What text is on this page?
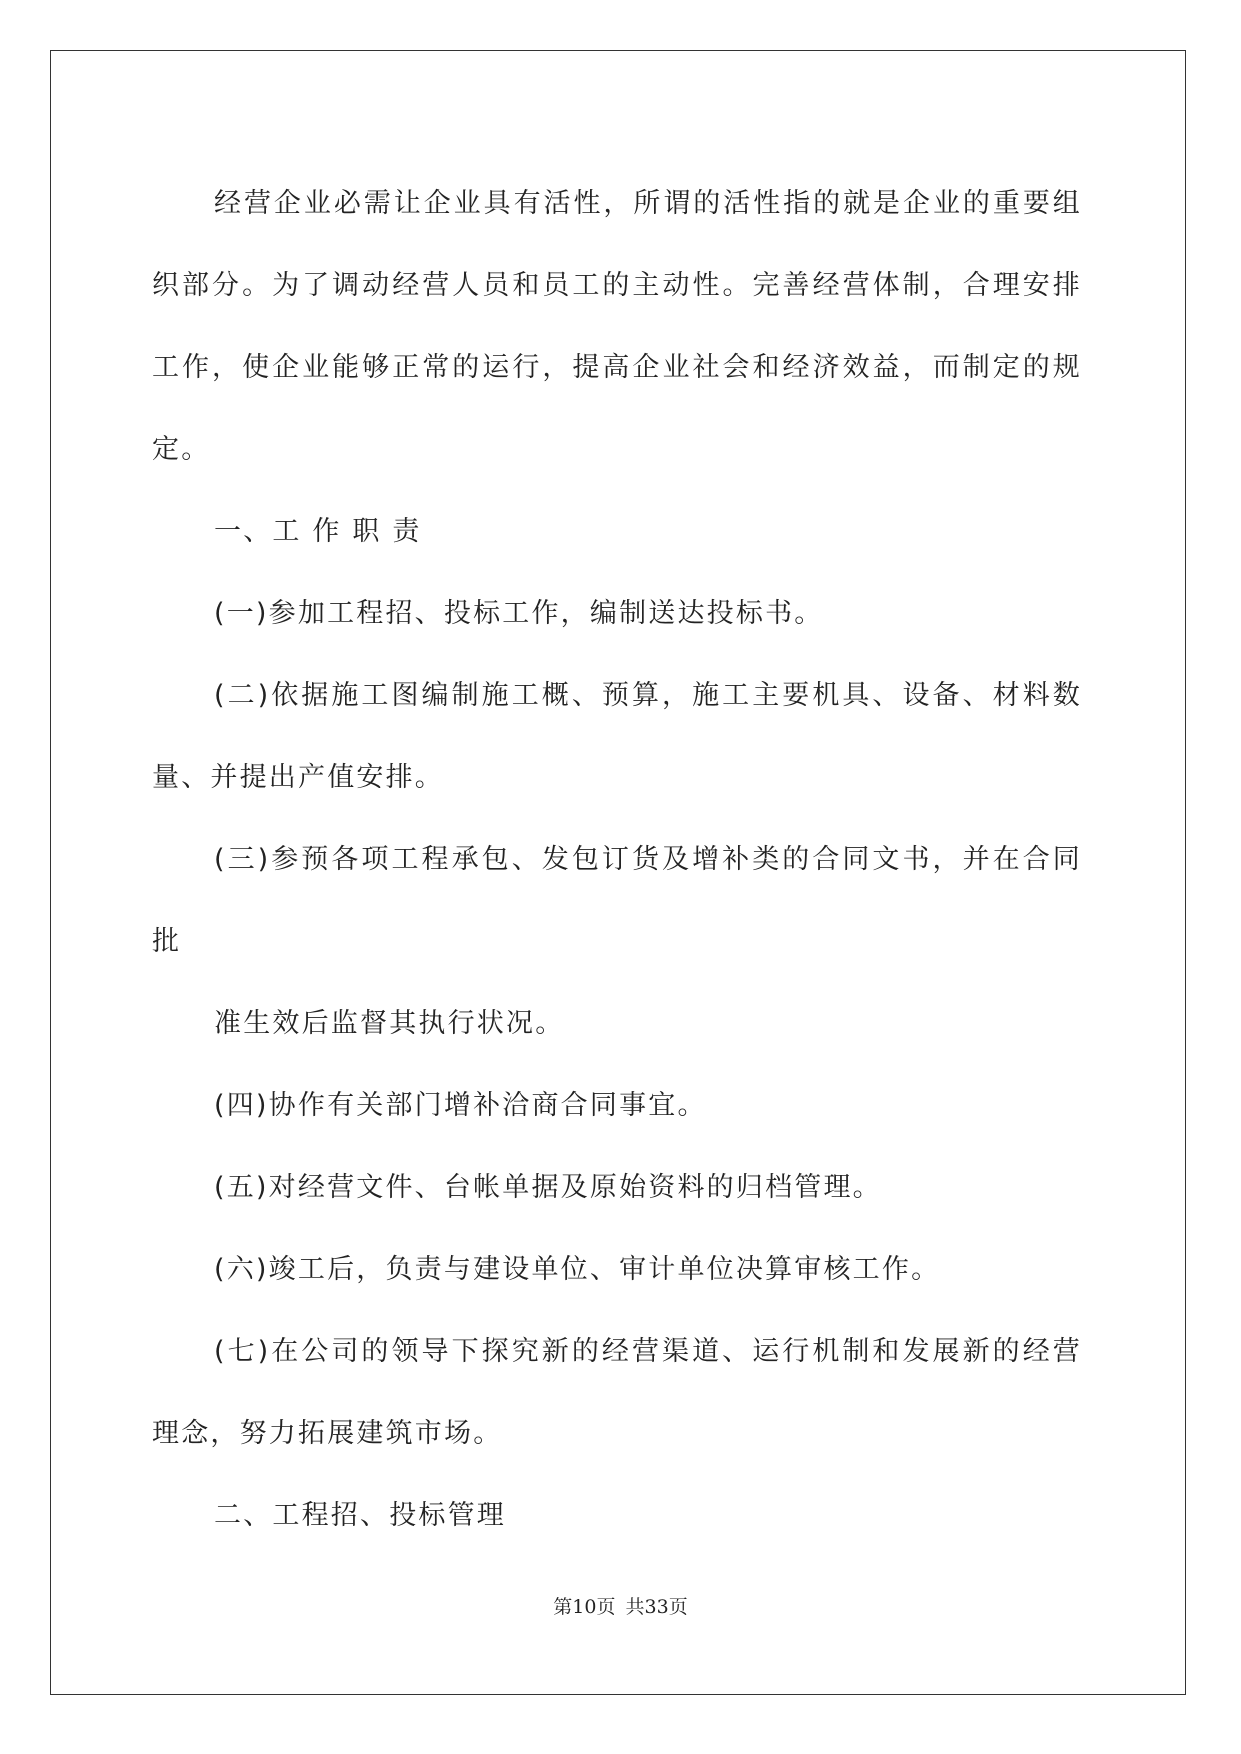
经营企业必需让企业具有活性，所谓的活性指的就是企业的重要组织部分。为了调动经营人员和员工的主动性。完善经营体制，合理安排工作，使企业能够正常的运行，提高企业社会和经济效益，而制定的规定。

一、工 作 职 责

(一)参加工程招、投标工作，编制送达投标书。

(二)依据施工图编制施工概、预算，施工主要机具、设备、材料数量、并提出产值安排。

(三)参预各项工程承包、发包订货及增补类的合同文书，并在合同批

准生效后监督其执行状况。

(四)协作有关部门增补洽商合同事宜。

(五)对经营文件、台帐单据及原始资料的归档管理。

(六)竣工后，负责与建设单位、审计单位决算审核工作。

(七)在公司的领导下探究新的经营渠道、运行机制和发展新的经营理念，努力拓展建筑市场。

二、工程招、投标管理

第10页 共33页
